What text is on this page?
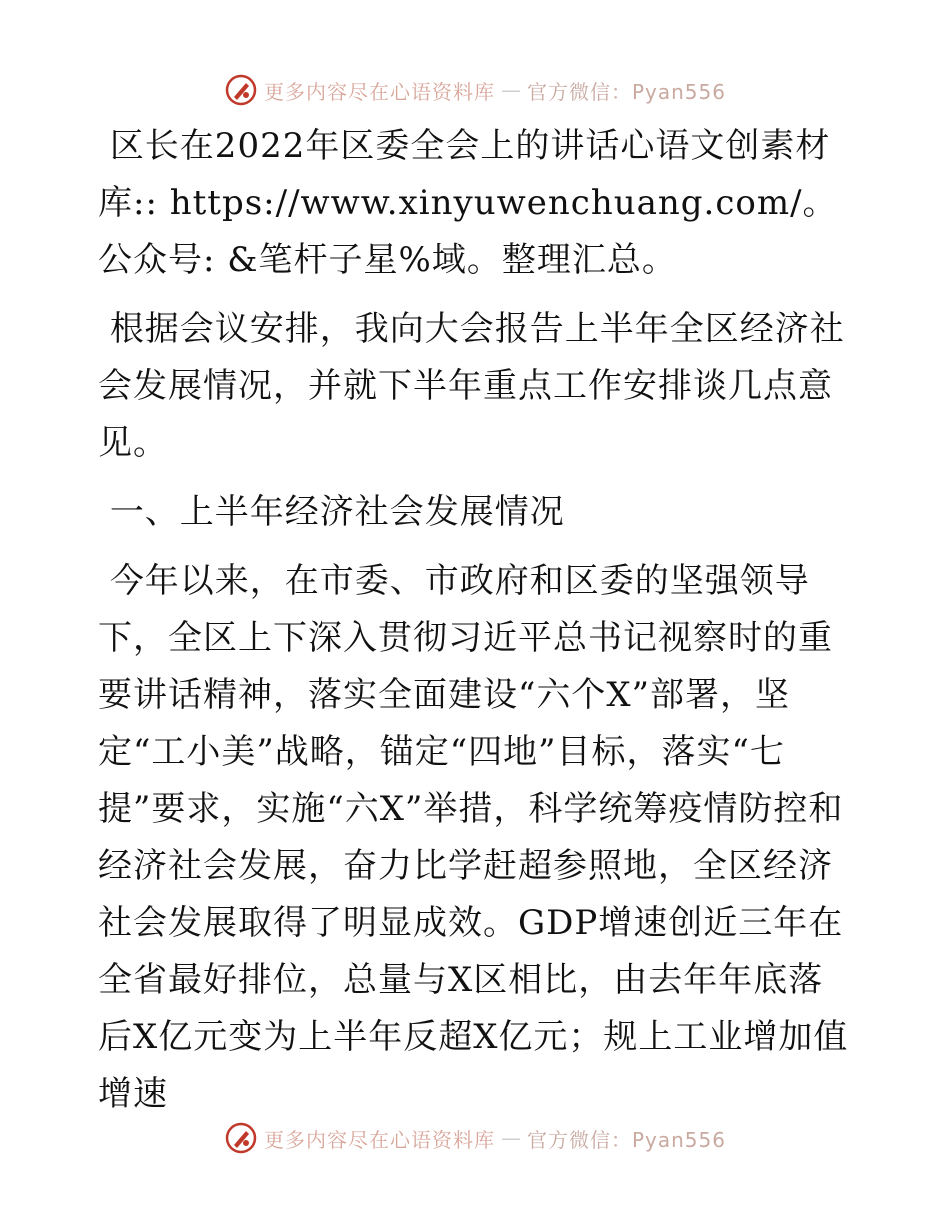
更多内容尽在心语资料库 — 官方微信：Pyan556

区长在2022年区委全会上的讲话心语文创素材库:: https://www.xinyuwenchuang.com/。公众号: &笔杆子星%域。整理汇总。

根据会议安排，我向大会报告上半年全区经济社会发展情况，并就下半年重点工作安排谈几点意见。

一、上半年经济社会发展情况

今年以来，在市委、市政府和区委的坚强领导下，全区上下深入贯彻习近平总书记视察时的重要讲话精神，落实全面建设“六个X”部署，坚定“工小美”战略，锚定“四地”目标，落实“七提”要求，实施“六X”举措，科学统筹疫情防控和经济社会发展，奋力比学赶超参照地，全区经济社会发展取得了明显成效。GDP增速创近三年在全省最好排位，总量与X区相比，由去年年底落后X亿元变为上半年反超X亿元；规上工业增加值增速

更多内容尽在心语资料库 — 官方微信：Pyan556
